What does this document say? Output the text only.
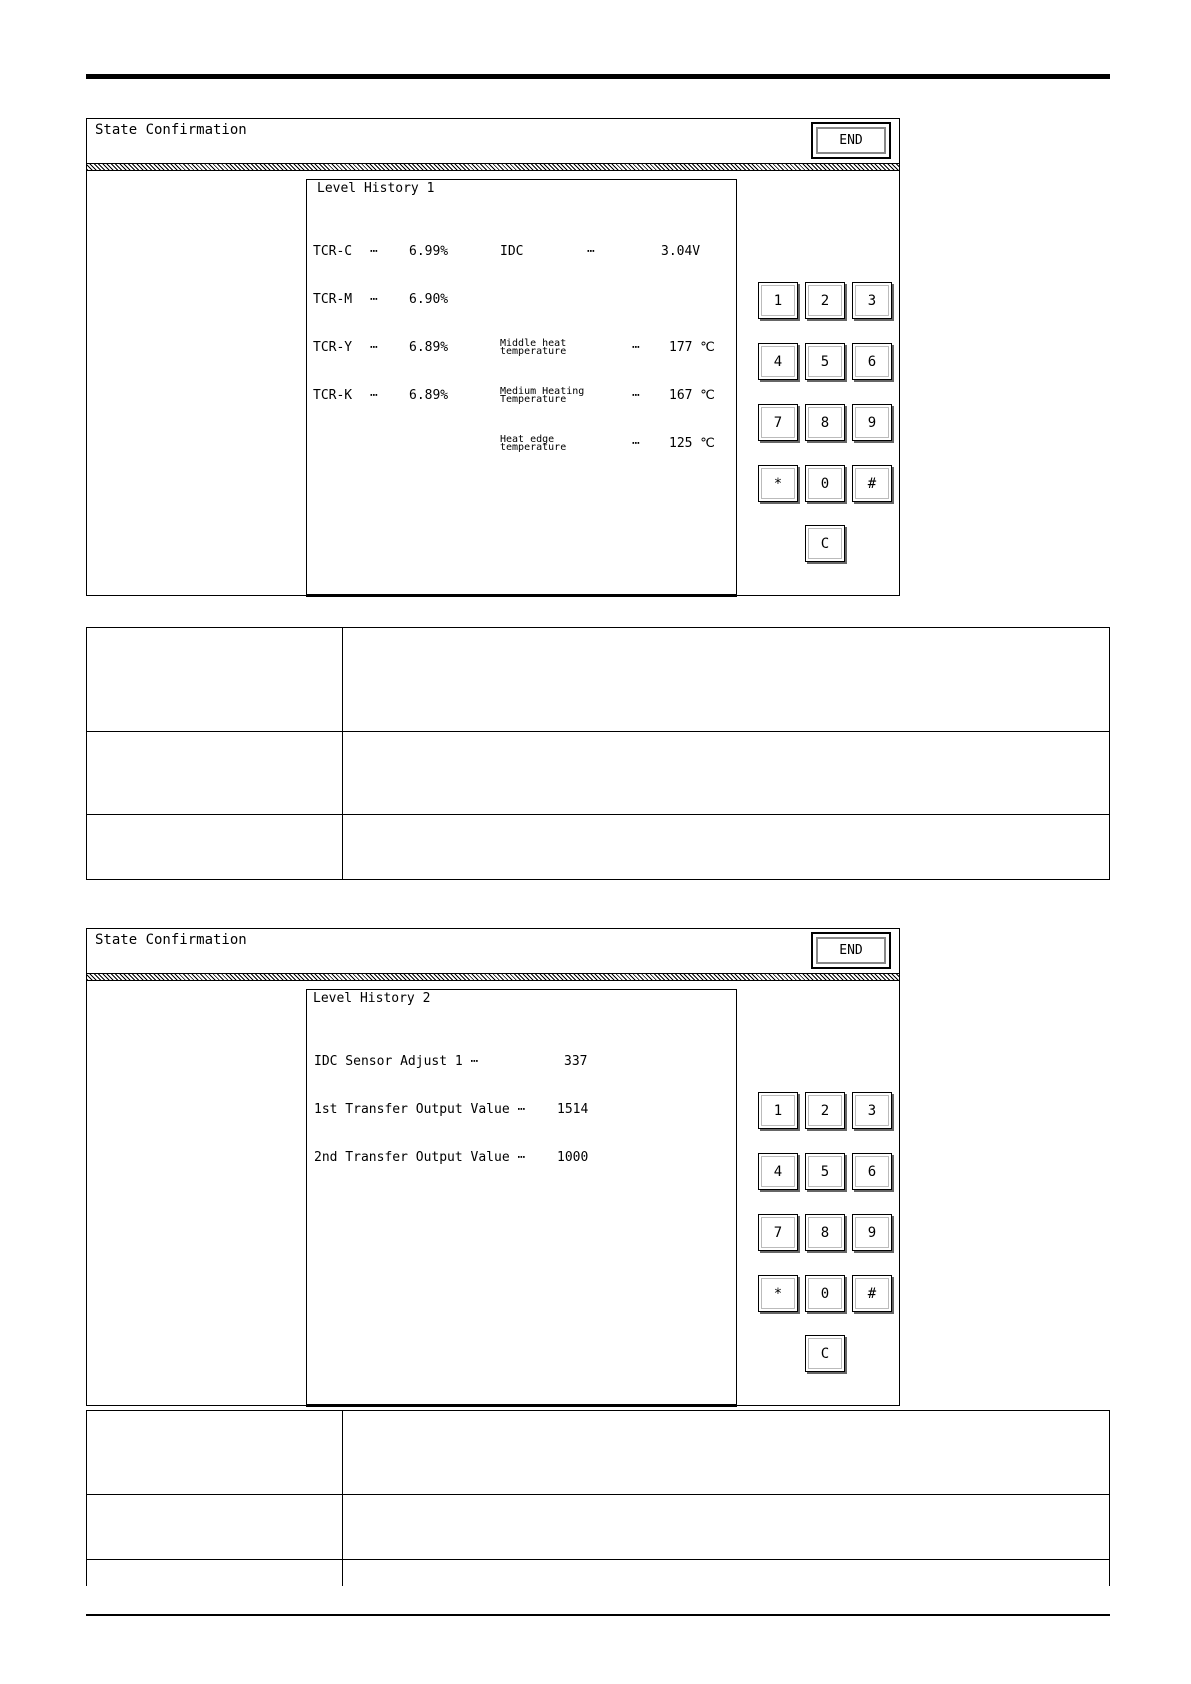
State Confirmation
END
Level History 1
TCR-C ⋯ 6.99%
TCR-M ⋯ 6.90%
TCR-Y ⋯ 6.89%
TCR-K ⋯ 6.89%
IDC	⋯	3.04V
Middle heat
temperature	⋯ 177 ℃
Medium Heating
Temperature	⋯ 167 ℃
Heat edge
temperature	⋯ 125 ℃
1	2	3
4	5	6
7	8	9
*	0	#
C

State Confirmation
END
Level History 2
IDC Sensor Adjust 1 ⋯	337
1st Transfer Output Value ⋯ 1514
2nd Transfer Output Value ⋯ 1000
1	2	3
4	5	6
7	8	9
*	0	#
C
